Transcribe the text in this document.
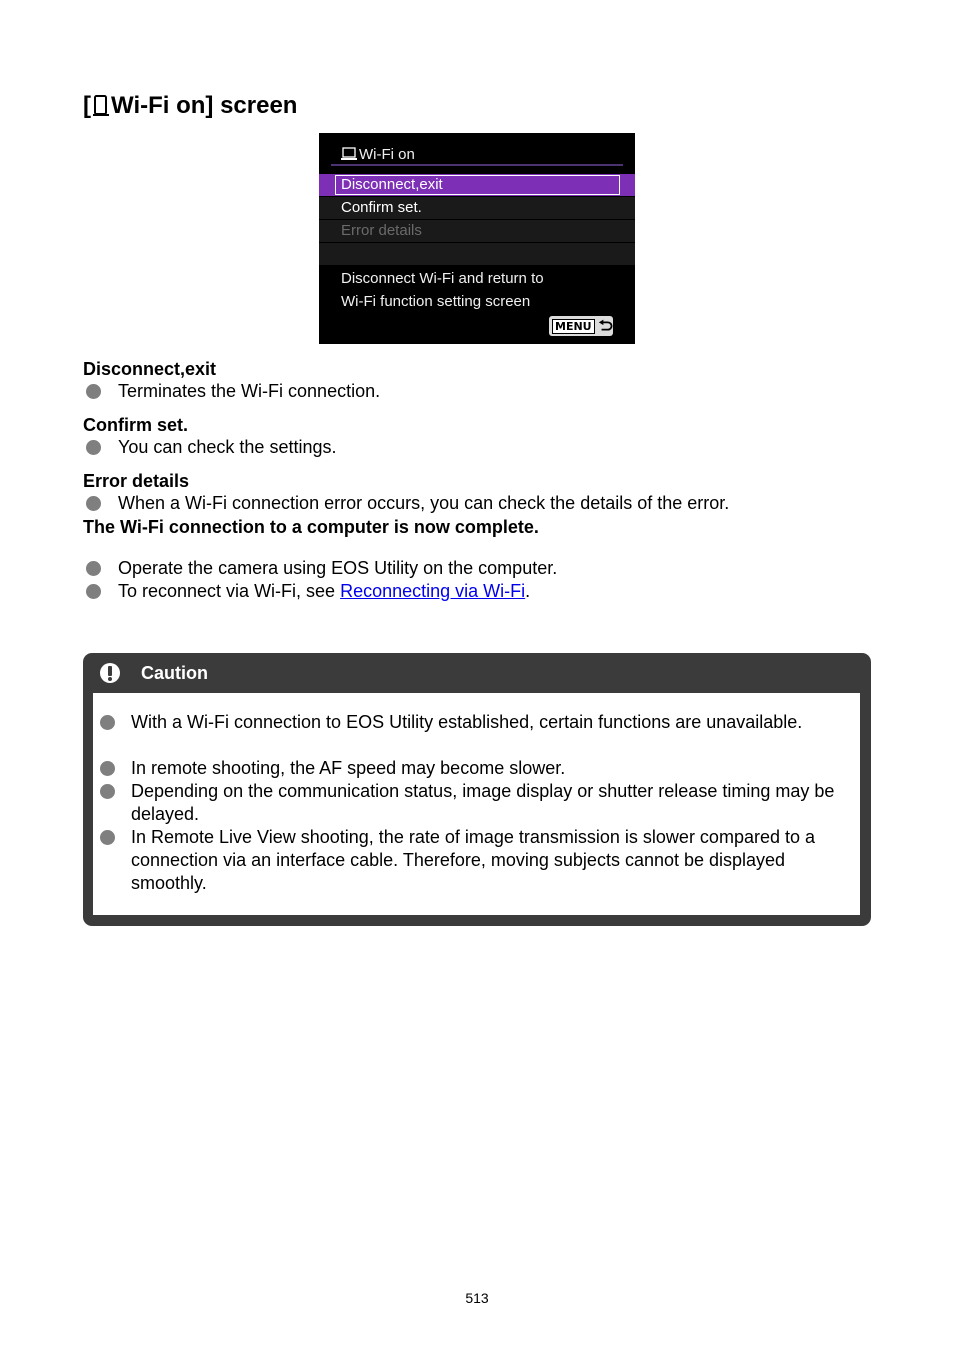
[ Wi-Fi on] screen
Wi-Fi on
Disconnect,exit
Confirm set.
Error details
Disconnect Wi-Fi and return to
Wi-Fi function setting screen
MENU
Disconnect,exit
Terminates the Wi-Fi connection.
Confirm set.
You can check the settings.
Error details
When a Wi-Fi connection error occurs, you can check the details of the error.
The Wi-Fi connection to a computer is now complete.
Operate the camera using EOS Utility on the computer.
To reconnect via Wi-Fi, see Reconnecting via Wi-Fi.
Caution
With a Wi-Fi connection to EOS Utility established, certain functions are unavailable.
In remote shooting, the AF speed may become slower.
Depending on the communication status, image display or shutter release timing may be delayed.
In Remote Live View shooting, the rate of image transmission is slower compared to a connection via an interface cable. Therefore, moving subjects cannot be displayed smoothly.
513
